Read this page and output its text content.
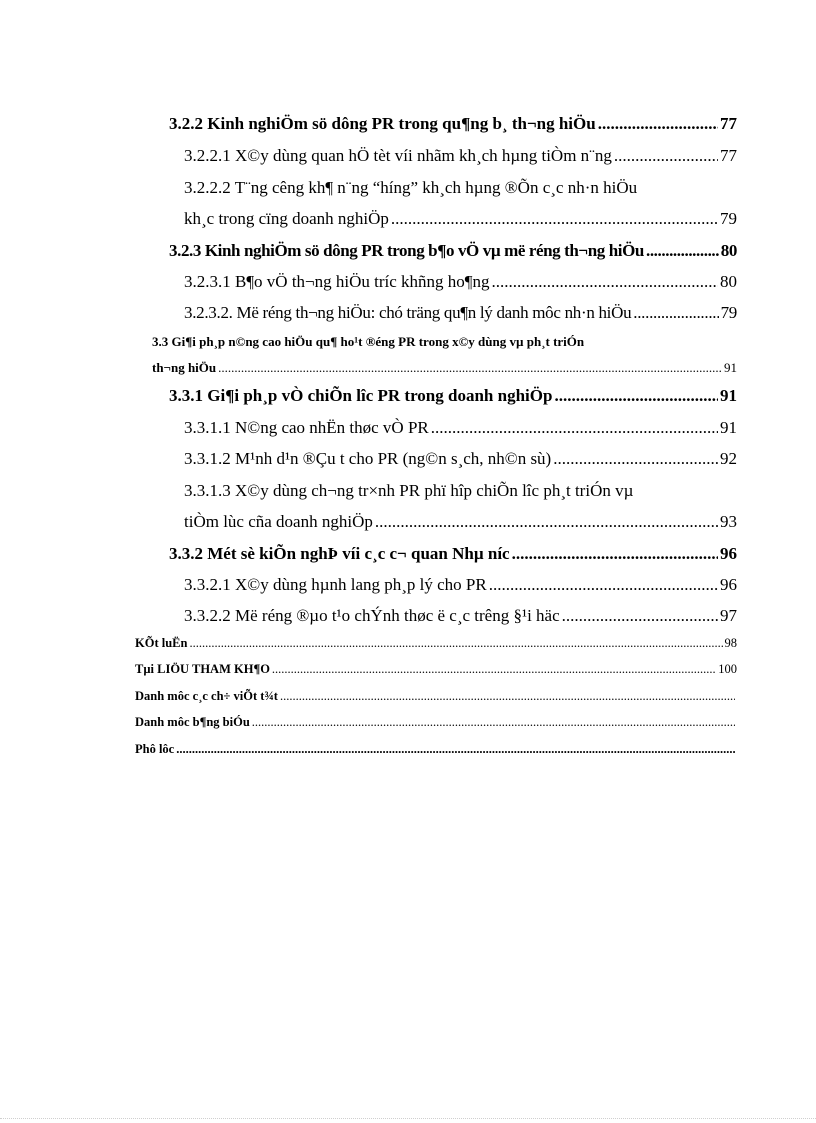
3.2.2 Kinh nghiÖm sö dông PR trong qu¶ng b¸ th¬ng hiÖu .....	77
3.2.2.1 X©y dùng quan hÖ tèt víi nhãm kh¸ch hµng tiÒm n¨ng .....	77
3.2.2.2 T¨ng cêng kh¶ n¨ng “híng” kh¸ch hµng ®Õn c¸c nh·n hiÖu
kh¸c trong cïng doanh nghiÖp .....	79
3.2.3 Kinh nghiÖm sö dông PR trong b¶o vÖ vµ më réng th¬ng hiÖu .....	80
3.2.3.1 B¶o vÖ th¬ng hiÖu tríc khñng ho¶ng .....	80
3.2.3.2. Më réng th¬ng hiÖu: chó träng qu¶n lý danh môc nh·n hiÖu .....	79
3.3 Gi¶i ph¸p n©ng cao hiÖu qu¶ ho¹t ®éng PR trong x©y dùng vµ ph¸t triÓn
th¬ng hiÖu .....	91
3.3.1 Gi¶i ph¸p vÒ chiÕn lîc PR trong doanh nghiÖp .....	91
3.3.1.1 N©ng cao nhËn thøc vÒ PR .....	91
3.3.1.2 M¹nh d¹n ®Çu t cho PR (ng©n s¸ch, nh©n sù) .....	92
3.3.1.3 X©y dùng ch¬ng tr×nh PR phï hîp chiÕn lîc ph¸t triÓn vµ
tiÒm lùc cña doanh nghiÖp .....	93
3.3.2 Mét sè kiÕn nghÞ víi c¸c c¬ quan Nhµ níc .....	96
3.3.2.1 X©y dùng hµnh lang ph¸p lý cho PR .....	96
3.3.2.2 Më réng ®µo t¹o chÝnh thøc ë c¸c trêng §¹i häc .....	97
KÕt luËn .....	98
Tµi LIÖU THAM KH¶O .....	100
Danh môc c¸c ch÷ viÕt t¾t
.....
Danh môc b¶ng biÓu
.....
Phô lôc
.....
